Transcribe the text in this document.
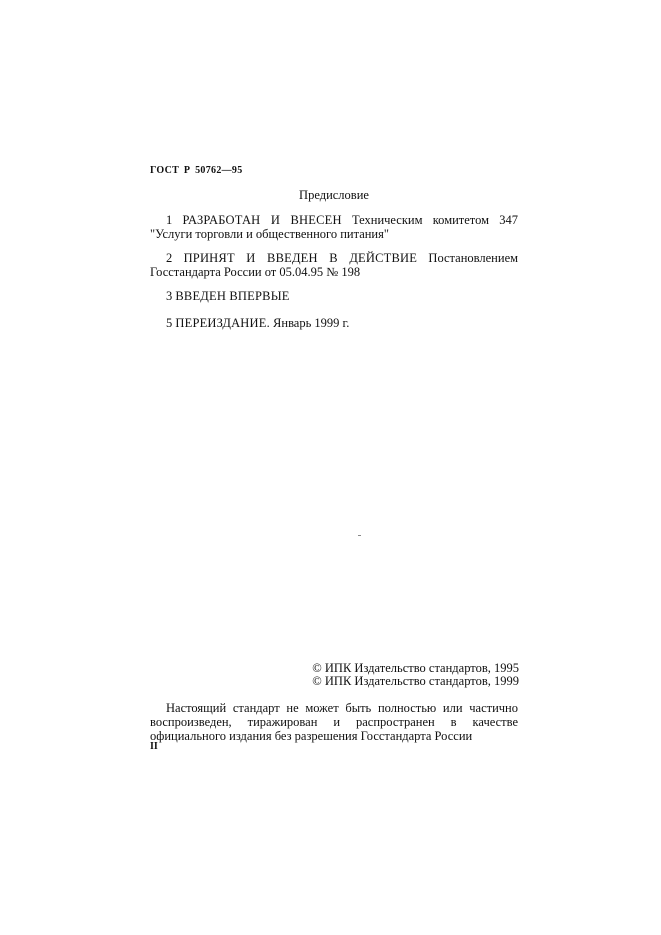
ГОСТ Р 50762—95
Предисловие
1 РАЗРАБОТАН И ВНЕСЕН Техническим комитетом 347 "Услуги торговли и общественного питания"
2 ПРИНЯТ И ВВЕДЕН В ДЕЙСТВИЕ Постановлением Госстандарта России от 05.04.95 № 198
3 ВВЕДЕН ВПЕРВЫЕ
5 ПЕРЕИЗДАНИЕ. Январь 1999 г.
© ИПК Издательство стандартов, 1995
© ИПК Издательство стандартов, 1999
Настоящий стандарт не может быть полностью или частично воспроизведен, тиражирован и распространен в качестве официального издания без разрешения Госстандарта России
II
